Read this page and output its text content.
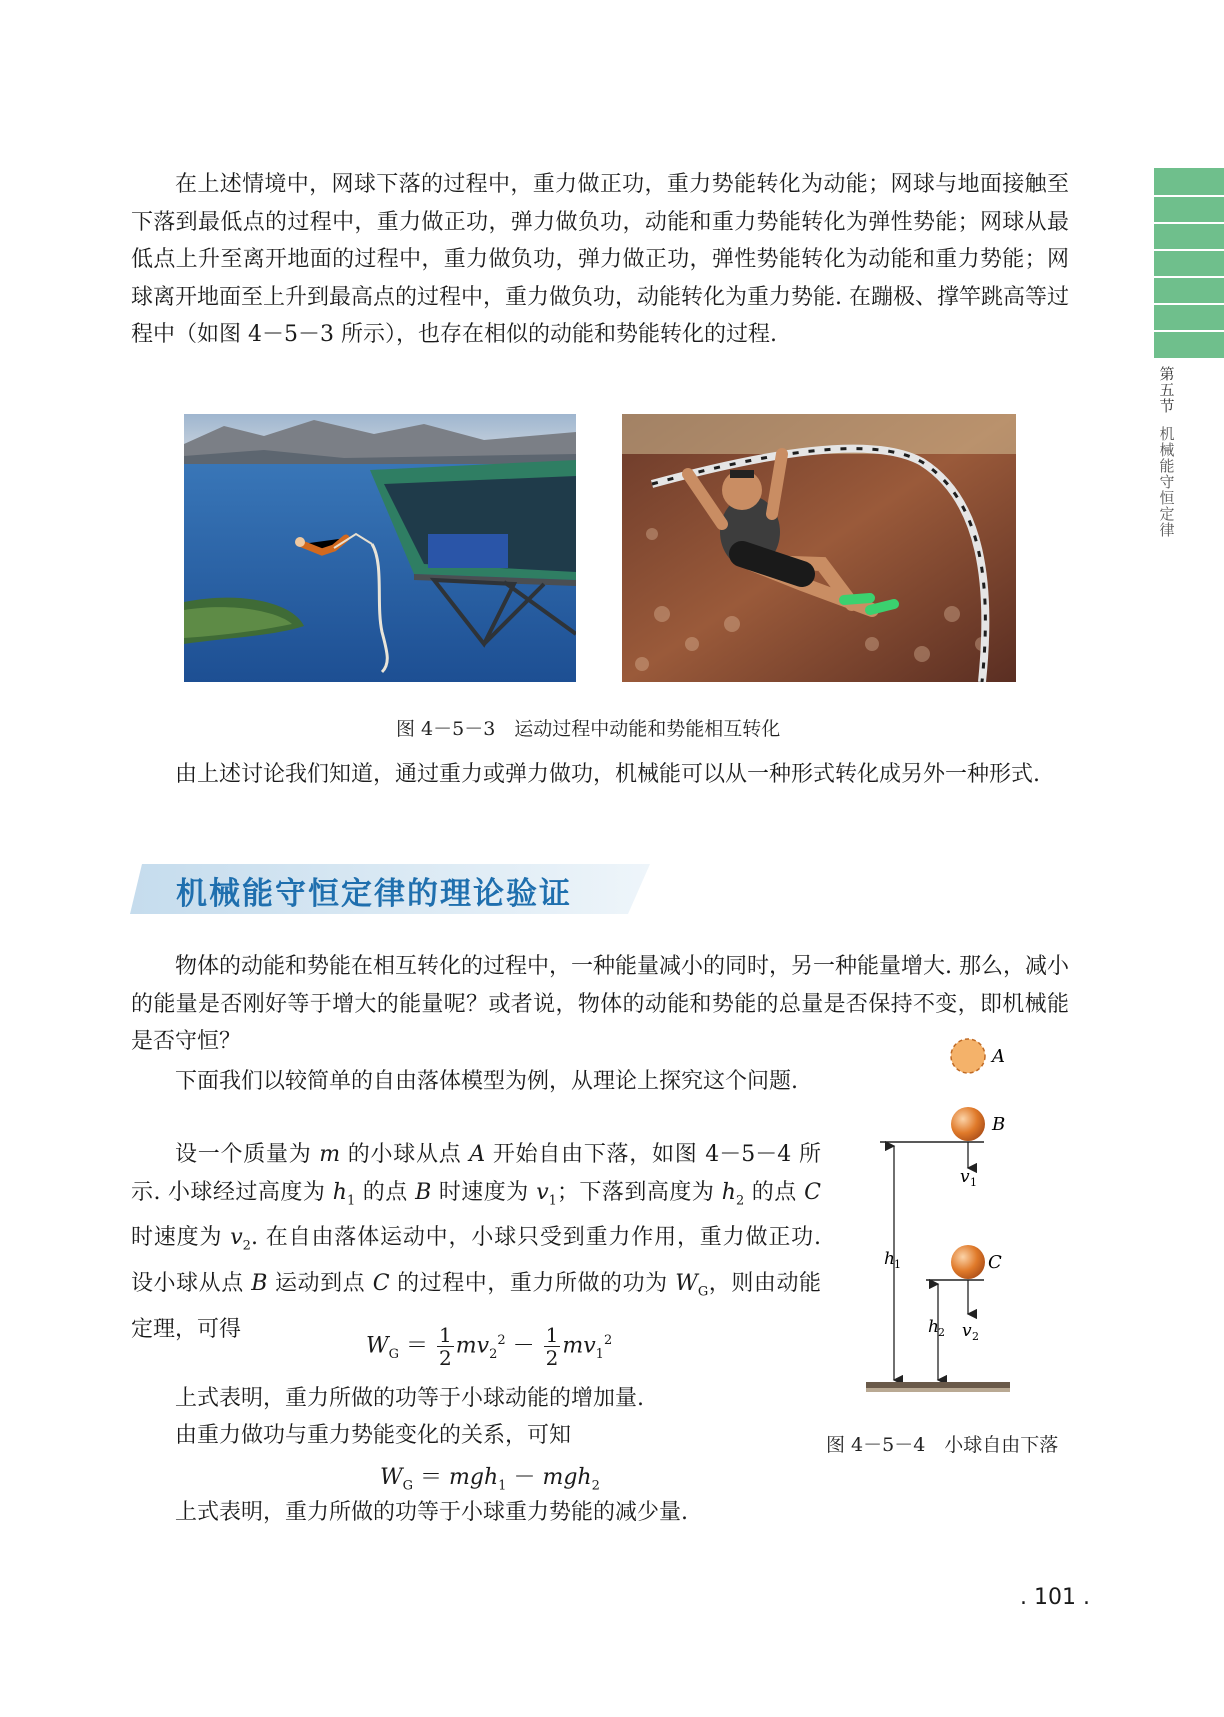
第五节
机械能守恒定律

在上述情境中，网球下落的过程中，重力做正功，重力势能转化为动能；网球与地面接触至下落到最低点的过程中，重力做正功，弹力做负功，动能和重力势能转化为弹性势能；网球从最低点上升至离开地面的过程中，重力做负功，弹力做正功，弹性势能转化为动能和重力势能；网球离开地面至上升到最高点的过程中，重力做负功，动能转化为重力势能. 在蹦极、撑竿跳高等过程中（如图 4－5－3 所示），也存在相似的动能和势能转化的过程.

图 4－5－3　运动过程中动能和势能相互转化

由上述讨论我们知道，通过重力或弹力做功，机械能可以从一种形式转化成另外一种形式.

机械能守恒定律的理论验证

物体的动能和势能在相互转化的过程中，一种能量减小的同时，另一种能量增大. 那么，减小的能量是否刚好等于增大的能量呢？或者说，物体的动能和势能的总量是否保持不变，即机械能是否守恒？

下面我们以较简单的自由落体模型为例，从理论上探究这个问题.

设一个质量为 m 的小球从点 A 开始自由下落，如图 4－5－4 所示. 小球经过高度为 $h_1$ 的点 B 时速度为 $v_1$；下落到高度为 $h_2$ 的点 C 时速度为 $v_2$. 在自由落体运动中，小球只受到重力作用，重力做正功. 设小球从点 B 运动到点 C 的过程中，重力所做的功为 $W_G$，则由动能定理，可得

$W_G = \frac{1}{2} mv_2^2 - \frac{1}{2} mv_1^2$
上式表明，重力所做的功等于小球动能的增加量.
由重力做功与重力势能变化的关系，可知
$W_G = mgh_1 - mgh_2$
上式表明，重力所做的功等于小球重力势能的减少量.
A
B
C
v 1
v 2
h 1
h 2
图 4－5－4　小球自由下落
. 101 .
